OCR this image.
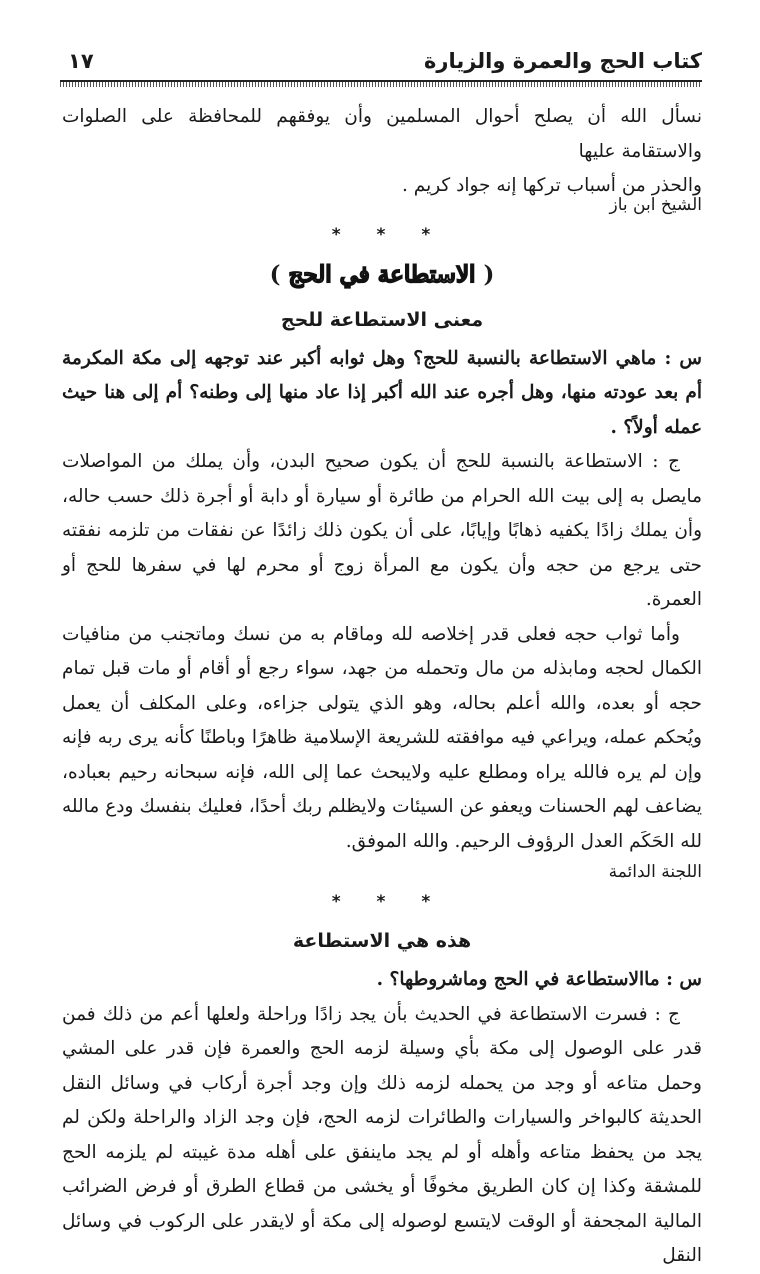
كتاب الحج والعمرة والزيارة
١٧

نسأل الله أن يصلح أحوال المسلمين وأن يوفقهم للمحافظة على الصلوات والاستقامة عليها

والحذر من أسباب تركها إنه جواد كريم .

الشيخ ابن باز

* * *

( الاستطاعة في الحج )

معنى الاستطاعة للحج

س : ماهي الاستطاعة بالنسبة للحج؟ وهل ثوابه أكبر عند توجهه إلى مكة المكرمة أم بعد عودته منها، وهل أجره عند الله أكبر إذا عاد منها إلى وطنه؟ أم إلى هنا حيث عمله أولاً؟ .

ج : الاستطاعة بالنسبة للحج أن يكون صحيح البدن، وأن يملك من المواصلات مايصل به إلى بيت الله الحرام من طائرة أو سيارة أو دابة أو أجرة ذلك حسب حاله، وأن يملك زادًا يكفيه ذهابًا وإيابًا، على أن يكون ذلك زائدًا عن نفقات من تلزمه نفقته حتى يرجع من حجه وأن يكون مع المرأة زوج أو محرم لها في سفرها للحج أو العمرة.

وأما ثواب حجه فعلى قدر إخلاصه لله وماقام به من نسك وماتجنب من منافيات الكمال لحجه ومابذله من مال وتحمله من جهد، سواء رجع أو أقام أو مات قبل تمام حجه أو بعده، والله أعلم بحاله، وهو الذي يتولى جزاءه، وعلى المكلف أن يعمل ويُحكم عمله، ويراعي فيه موافقته للشريعة الإسلامية ظاهرًا وباطنًا كأنه يرى ربه فإنه وإن لم يره فالله يراه ومطلع عليه ولايبحث عما إلى الله، فإنه سبحانه رحيم بعباده، يضاعف لهم الحسنات ويعفو عن السيئات ولايظلم ربك أحدًا، فعليك بنفسك ودع مالله لله الحَكَم العدل الرؤوف الرحيم. والله الموفق.

اللجنة الدائمة

* * *

هذه هي الاستطاعة

س : ماالاستطاعة في الحج وماشروطها؟ .

ج : فسرت الاستطاعة في الحديث بأن يجد زادًا وراحلة ولعلها أعم من ذلك فمن قدر على الوصول إلى مكة بأي وسيلة لزمه الحج والعمرة فإن قدر على المشي وحمل متاعه أو وجد من يحمله لزمه ذلك وإن وجد أجرة أركاب في وسائل النقل الحديثة كالبواخر والسيارات والطائرات لزمه الحج، فإن وجد الزاد والراحلة ولكن لم يجد من يحفظ متاعه وأهله أو لم يجد ماينفق على أهله مدة غيبته لم يلزمه الحج للمشقة وكذا إن كان الطريق مخوفًا أو يخشى من قطاع الطرق أو فرض الضرائب المالية المجحفة أو الوقت لايتسع لوصوله إلى مكة أو لايقدر على الركوب في وسائل النقل
